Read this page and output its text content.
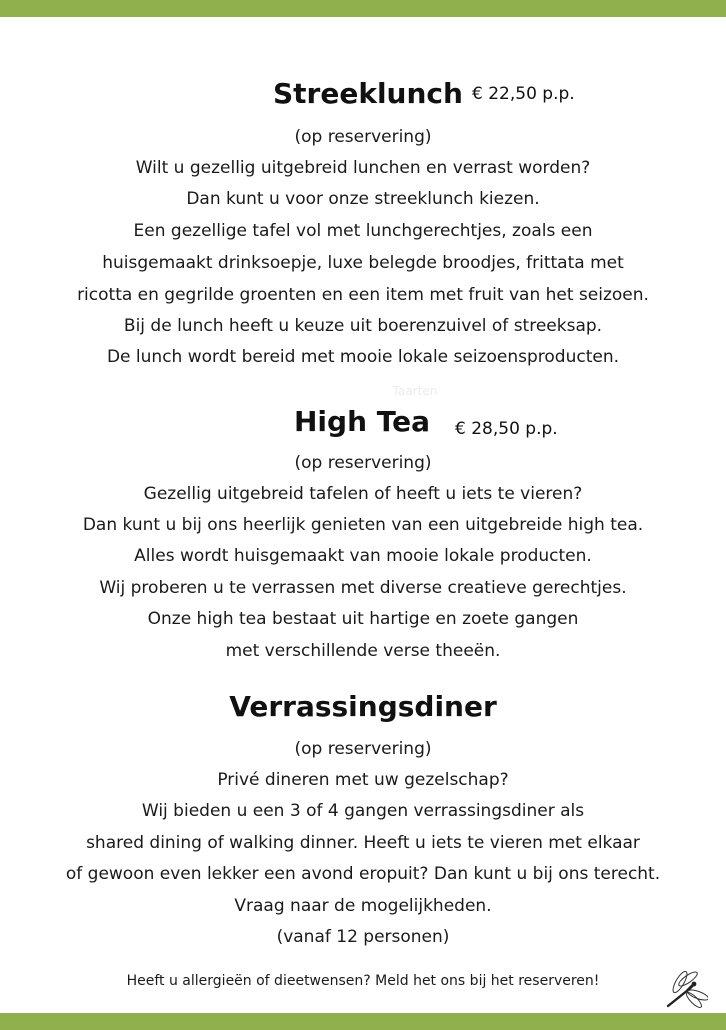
Streeklunch € 22,50 p.p.
(op reservering)
Wilt u gezellig uitgebreid lunchen en verrast worden?
Dan kunt u voor onze streeklunch kiezen.
Een gezellige tafel vol met lunchgerechtjes, zoals een
huisgemaakt drinksoepje, luxe belegde broodjes, frittata met
ricotta en gegrilde groenten en een item met fruit van het seizoen.
Bij de lunch heeft u keuze uit boerenzuivel of streeksap.
De lunch wordt bereid met mooie lokale seizoensproducten.
Taarten
High Tea € 28,50 p.p.
(op reservering)
Gezellig uitgebreid tafelen of heeft u iets te vieren?
Dan kunt u bij ons heerlijk genieten van een uitgebreide high tea.
Alles wordt huisgemaakt van mooie lokale producten.
Wij proberen u te verrassen met diverse creatieve gerechtjes.
Onze high tea bestaat uit hartige en zoete gangen
met verschillende verse theeën.
Verrassingsdiner
(op reservering)
Privé dineren met uw gezelschap?
Wij bieden u een 3 of 4 gangen verrassingsdiner als
shared dining of walking dinner. Heeft u iets te vieren met elkaar
of gewoon even lekker een avond eropuit? Dan kunt u bij ons terecht.
Vraag naar de mogelijkheden.
(vanaf 12 personen)
Heeft u allergieën of dieetwensen? Meld het ons bij het reserveren!
